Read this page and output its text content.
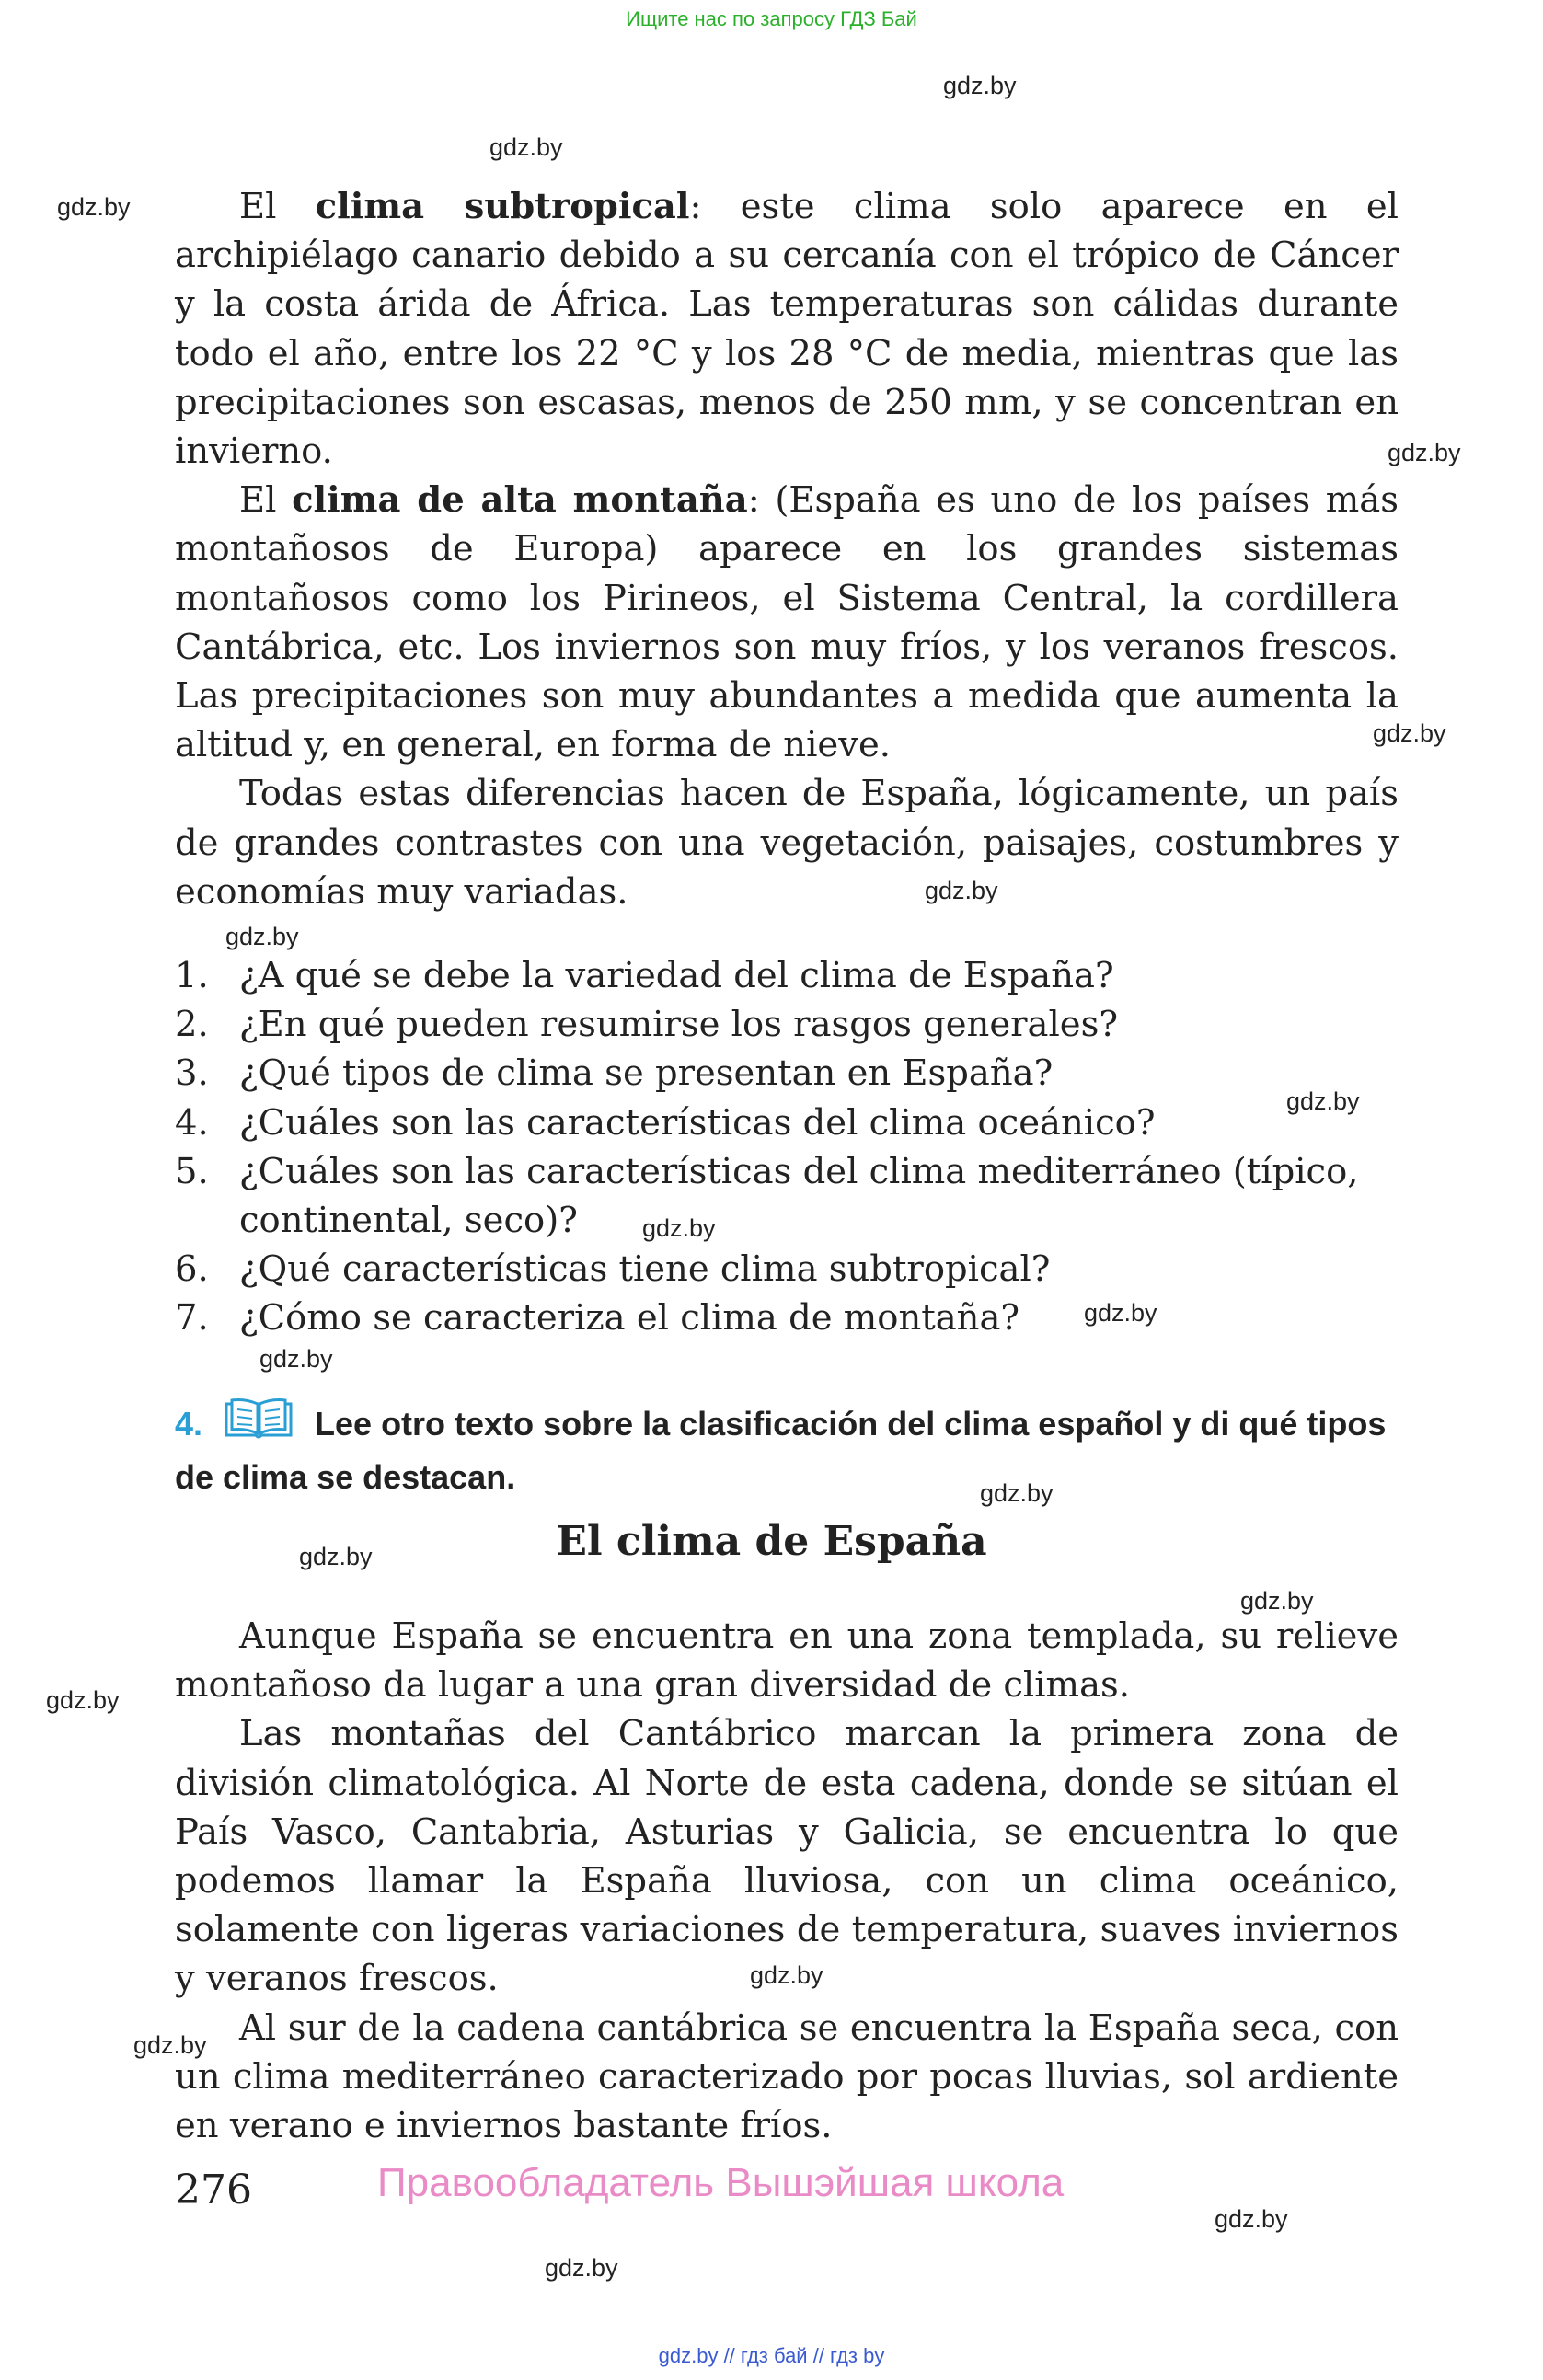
Ищите нас по запросу ГДЗ Бай
gdz.by
gdz.by
gdz.by
gdz.by
gdz.by
gdz.by
gdz.by
gdz.by
gdz.by
gdz.by
gdz.by
gdz.by
gdz.by
gdz.by
gdz.by
gdz.by
gdz.by
gdz.by
gdz.by

El clima subtropical: este clima solo aparece en el archipiélago canario debido a su cercanía con el trópico de Cáncer y la costa árida de África. Las temperaturas son cálidas durante todo el año, entre los 22 °C y los 28 °C de media, mientras que las precipitaciones son escasas, menos de 250 mm, y se concentran en invierno.

El clima de alta montaña: (España es uno de los países más montañosos de Europa) aparece en los grandes sistemas montañosos como los Pirineos, el Sistema Central, la cordillera Cantábrica, etc. Los inviernos son muy fríos, y los veranos frescos. Las precipitaciones son muy abundantes a medida que aumenta la altitud y, en general, en forma de nieve.

Todas estas diferencias hacen de España, lógicamente, un país de grandes contrastes con una vegetación, paisajes, costumbres y economías muy variadas.

1. ¿A qué se debe la variedad del clima de España?
2. ¿En qué pueden resumirse los rasgos generales?
3. ¿Qué tipos de clima se presentan en España?
4. ¿Cuáles son las características del clima oceánico?
5. ¿Cuáles son las características del clima mediterráneo (típico, continental, seco)?
6. ¿Qué características tiene clima subtropical?
7. ¿Cómo se caracteriza el clima de montaña?
4.	Lee otro texto sobre la clasificación del clima español y di qué tipos de clima se destacan.
El clima de España

Aunque España se encuentra en una zona templada, su relieve montañoso da lugar a una gran diversidad de climas.

Las montañas del Cantábrico marcan la primera zona de división climatológica. Al Norte de esta cadena, donde se sitúan el País Vasco, Cantabria, Asturias y Galicia, se encuentra lo que podemos llamar la España lluviosa, con un clima oceánico, solamente con ligeras variaciones de temperatura, suaves inviernos y veranos frescos.

Al sur de la cadena cantábrica se encuentra la España seca, con un clima mediterráneo caracterizado por pocas lluvias, sol ardiente en verano e inviernos bastante fríos.

276	Правообладатель Вышэйшая школа
gdz.by // гдз бай // гдз by
